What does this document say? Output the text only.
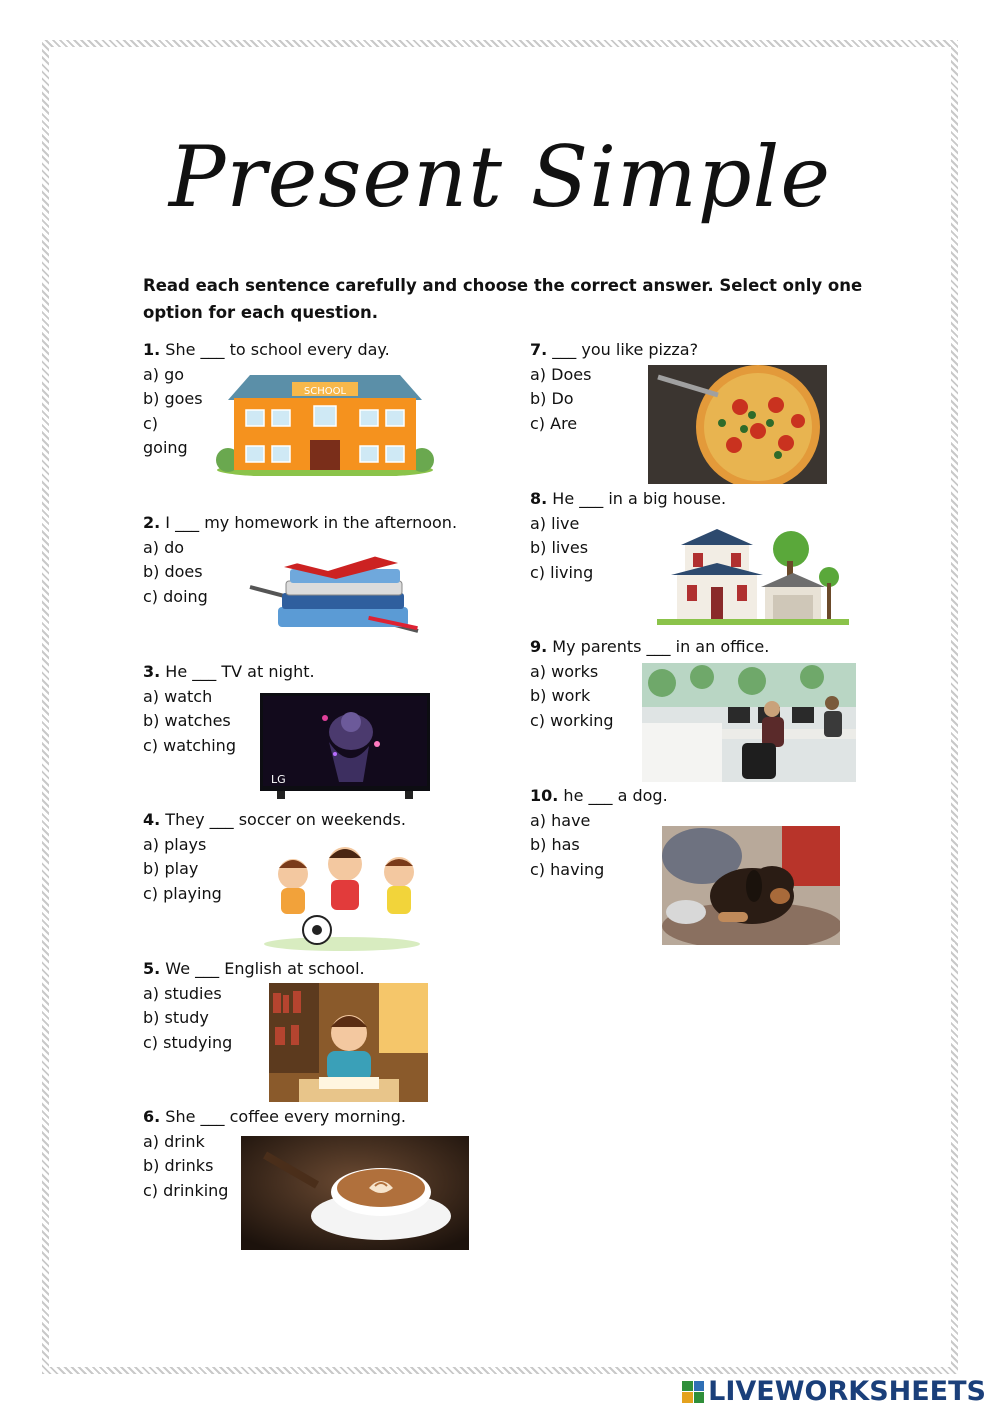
Present Simple
Read each sentence carefully and choose the correct answer. Select only one option for each question.
1. She ___ to school every day.
a) go
b) goes
c) going
SCHOOL
2. I ___ my homework in the afternoon.
a) do
b) does
c) doing
3. He ___ TV at night.
a) watch
b) watches
c) watching
LG
4. They ___ soccer on weekends.
a) plays
b) play
c) playing
5. We ___ English at school.
a) studies
b) study
c) studying
6. She ___ coffee every morning.
a) drink
b) drinks
c) drinking
7. ___ you like pizza?
a) Does
b) Do
c) Are
8. He ___ in a big house.
a) live
b) lives
c) living
9. My parents ___ in an office.
a) works
b) work
c) working
10. he ___ a dog.
a) have
b) has
c) having
LIVEWORKSHEETS
